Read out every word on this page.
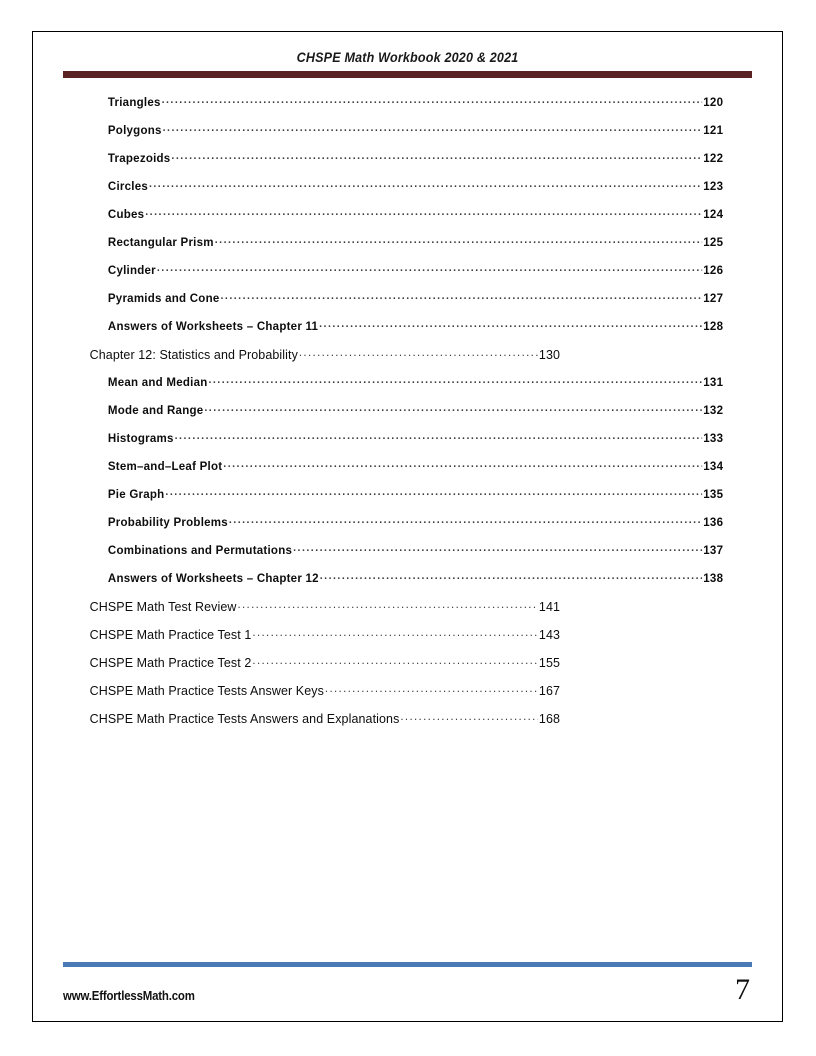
CHSPE Math Workbook 2020 & 2021
Triangles .....	120
Polygons .....	121
Trapezoids .....	122
Circles .....	123
Cubes .....	124
Rectangular Prism .....	125
Cylinder .....	126
Pyramids and Cone .....	127
Answers of Worksheets – Chapter 11 .....	128
Chapter 12: Statistics and Probability .....	130
Mean and Median .....	131
Mode and Range .....	132
Histograms .....	133
Stem–and–Leaf Plot .....	134
Pie Graph .....	135
Probability Problems .....	136
Combinations and Permutations .....	137
Answers of Worksheets – Chapter 12 .....	138
CHSPE Math Test Review .....	141
CHSPE Math Practice Test 1 .....	143
CHSPE Math Practice Test 2 .....	155
CHSPE Math Practice Tests Answer Keys .....	167
CHSPE Math Practice Tests Answers and Explanations .....	168
www.EffortlessMath.com	7
